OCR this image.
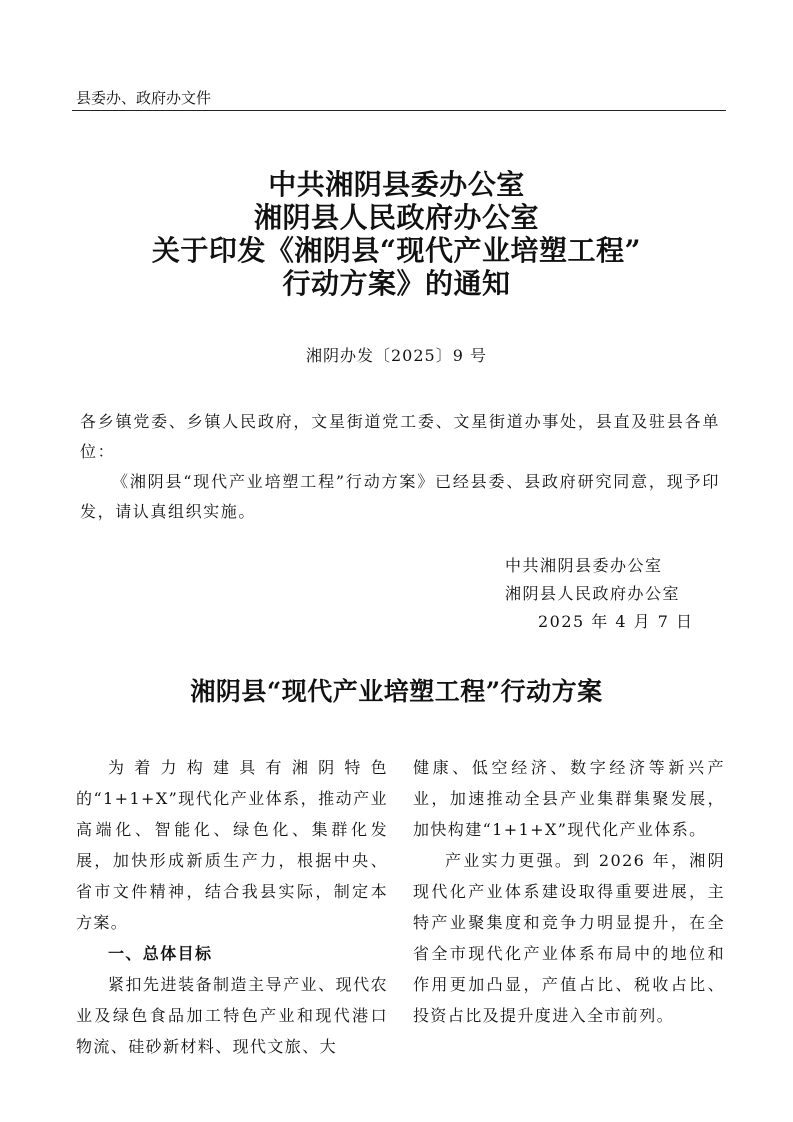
县委办、政府办文件
中共湘阴县委办公室
湘阴县人民政府办公室
关于印发《湘阴县“现代产业培塑工程”
行动方案》的通知
湘阴办发〔2025〕9 号

各乡镇党委、乡镇人民政府，文星街道党工委、文星街道办事处，县直及驻县各单位：

《湘阴县“现代产业培塑工程”行动方案》已经县委、县政府研究同意，现予印发，请认真组织实施。

中共湘阴县委办公室
湘阴县人民政府办公室
2025 年 4 月 7 日
湘阴县“现代产业培塑工程”行动方案

为着力构建具有湘阴特色的“1+1+X”现代化产业体系，推动产业高端化、智能化、绿色化、集群化发展，加快形成新质生产力，根据中央、省市文件精神，结合我县实际，制定本方案。

一、总体目标

紧扣先进装备制造主导产业、现代农业及绿色食品加工特色产业和现代港口物流、硅砂新材料、现代文旅、大

健康、低空经济、数字经济等新兴产业，加速推动全县产业集群集聚发展，加快构建“1+1+X”现代化产业体系。

产业实力更强。到 2026 年，湘阴现代化产业体系建设取得重要进展，主特产业聚集度和竞争力明显提升，在全省全市现代化产业体系布局中的地位和作用更加凸显，产值占比、税收占比、投资占比及提升度进入全市前列。
